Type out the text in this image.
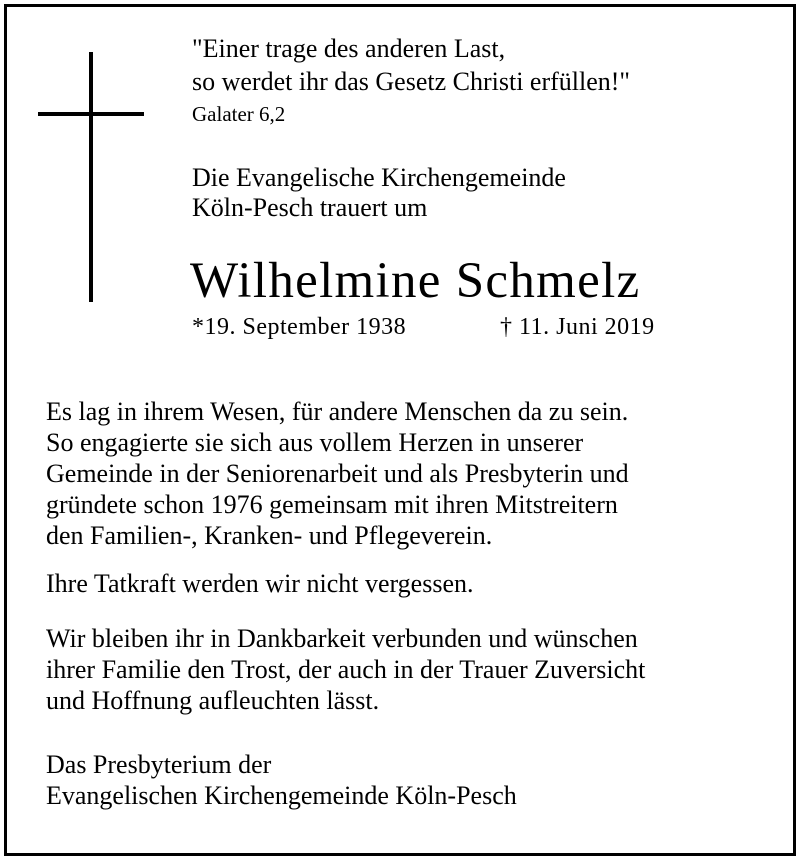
"Einer trage des anderen Last,
so werdet ihr das Gesetz Christi erfüllen!"
Galater 6,2
Die Evangelische Kirchengemeinde
Köln-Pesch trauert um
Wilhelmine Schmelz
*19. September 1938	† 11. Juni 2019
Es lag in ihrem Wesen, für andere Menschen da zu sein.
So engagierte sie sich aus vollem Herzen in unserer
Gemeinde in der Seniorenarbeit und als Presbyterin und
gründete schon 1976 gemeinsam mit ihren Mitstreitern
den Familien-, Kranken- und Pflegeverein.
Ihre Tatkraft werden wir nicht vergessen.
Wir bleiben ihr in Dankbarkeit verbunden und wünschen
ihrer Familie den Trost, der auch in der Trauer Zuversicht
und Hoffnung aufleuchten lässt.
Das Presbyterium der
Evangelischen Kirchengemeinde Köln-Pesch
